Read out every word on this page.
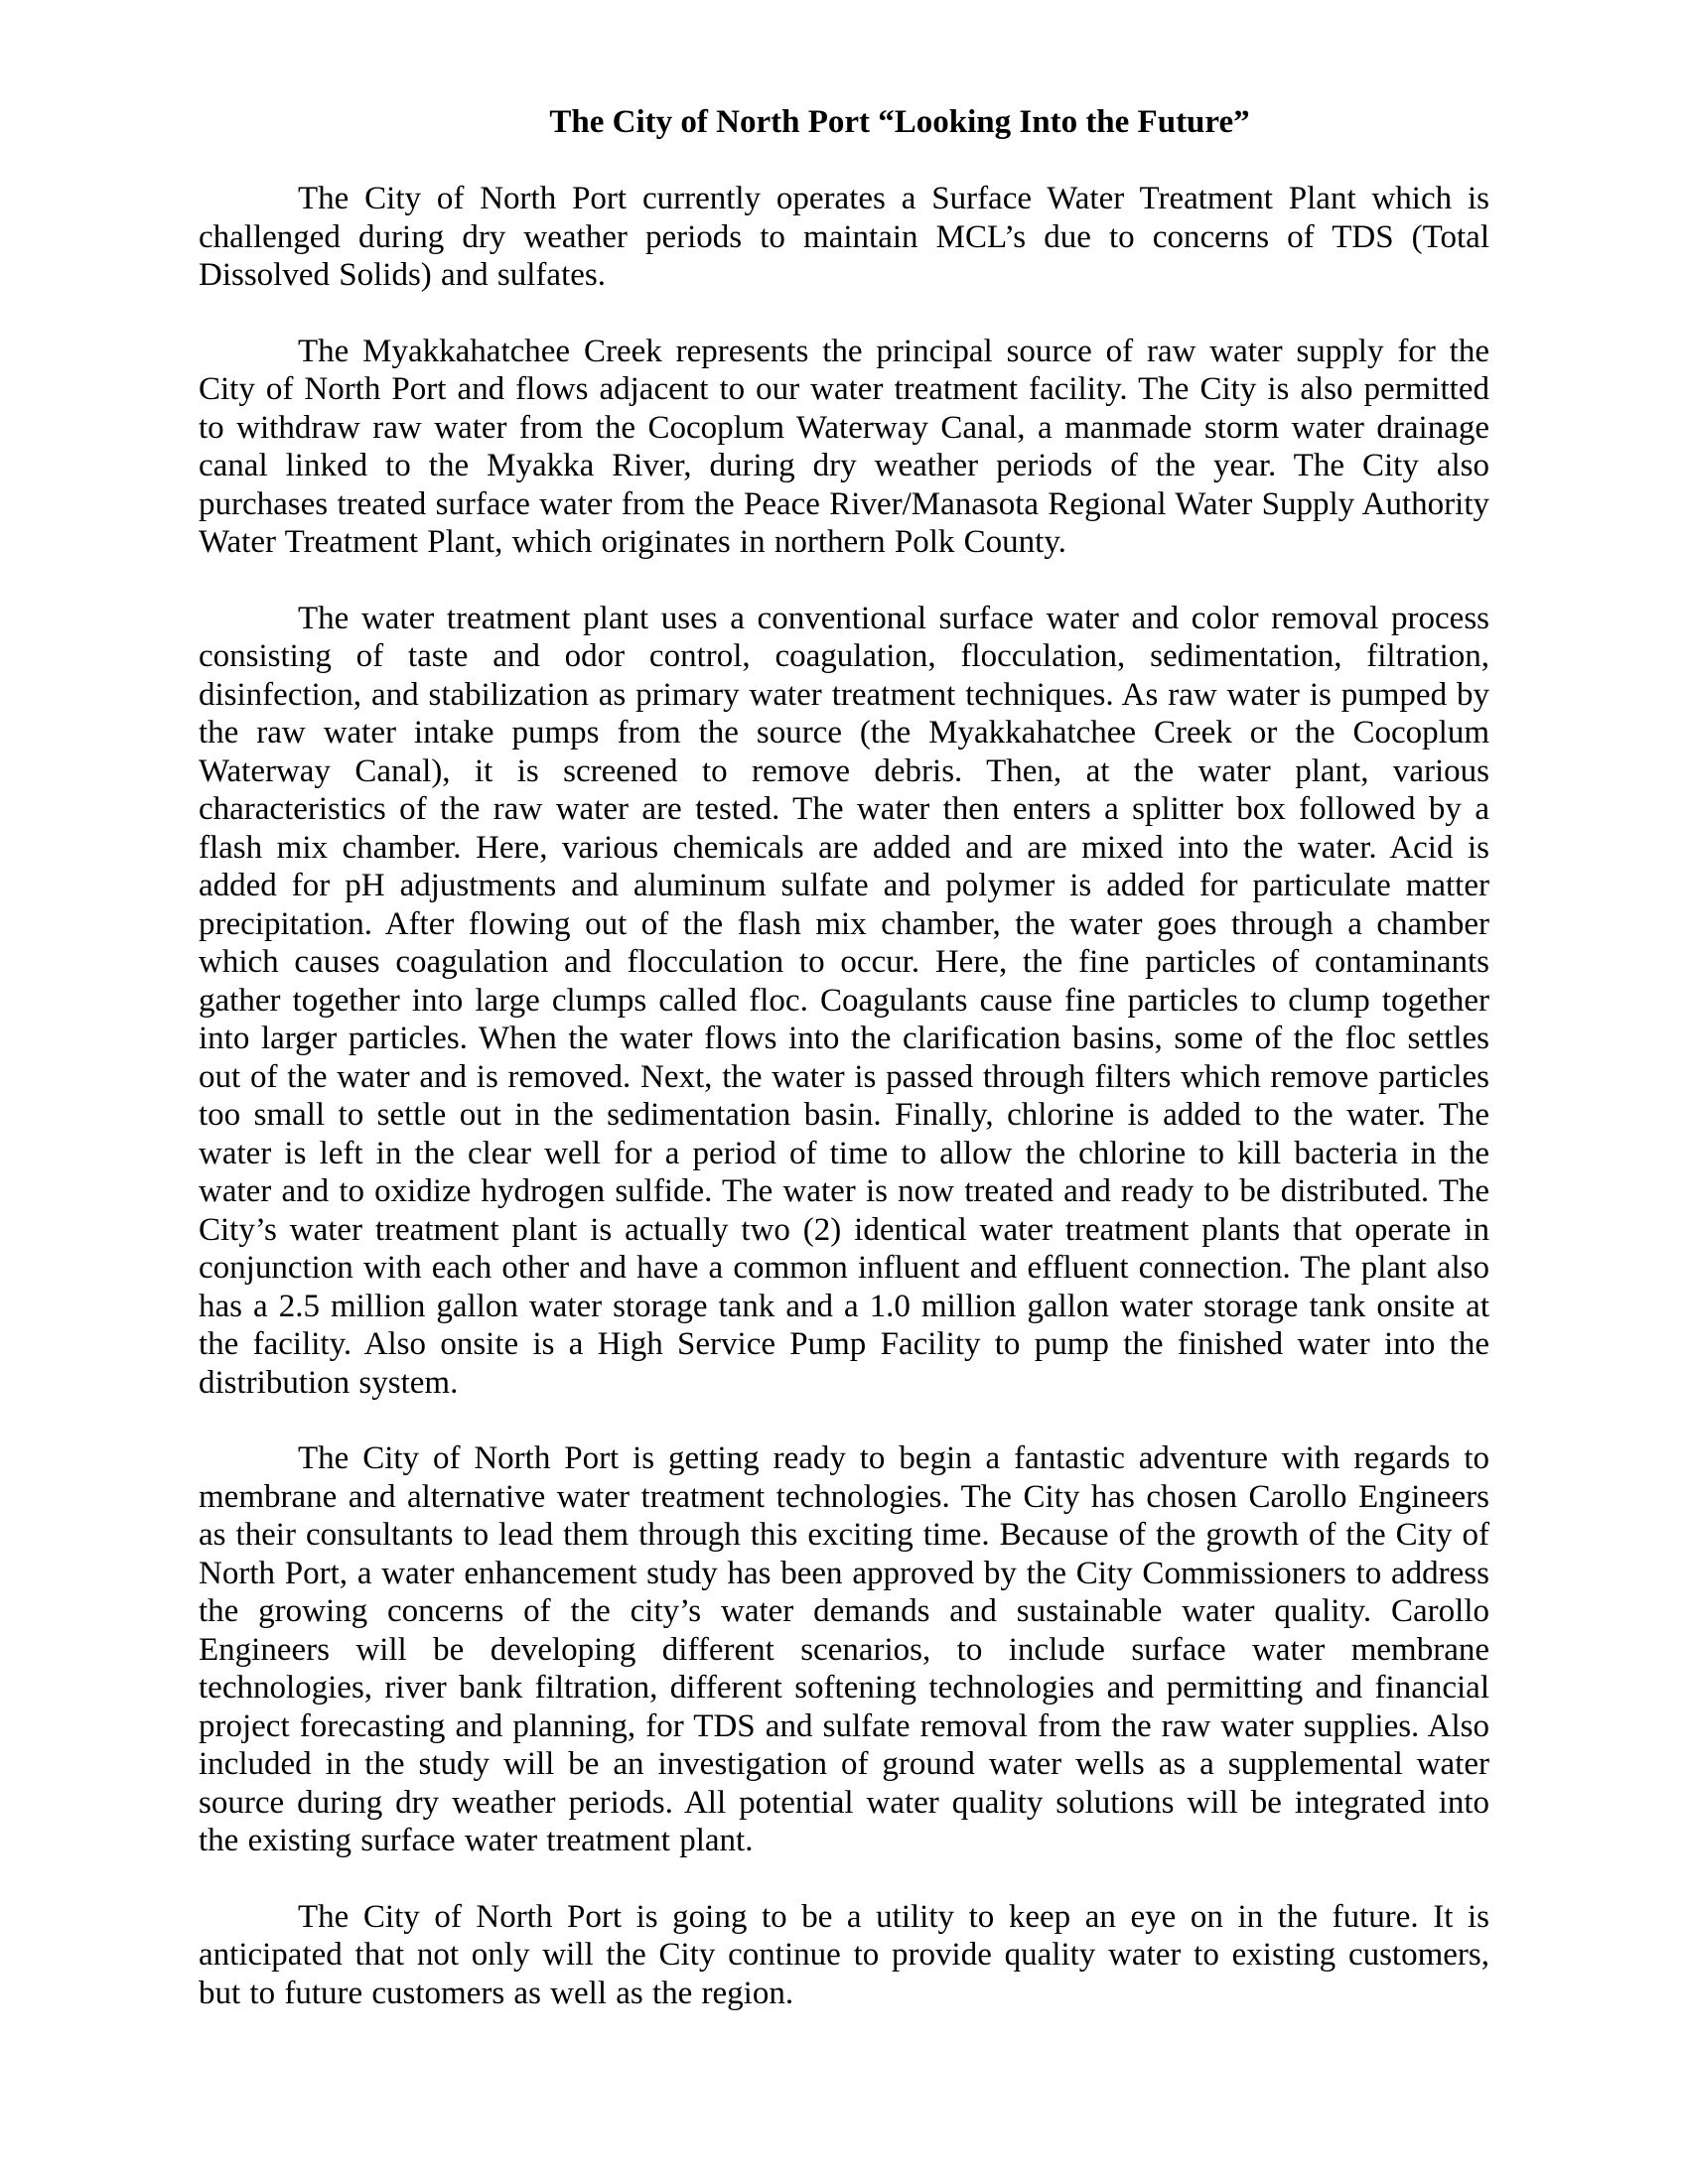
The City of North Port “Looking Into the Future”

The City of North Port currently operates a Surface Water Treatment Plant which is challenged during dry weather periods to maintain MCL’s due to concerns of TDS (Total Dissolved Solids) and sulfates.

The Myakkahatchee Creek represents the principal source of raw water supply for the City of North Port and flows adjacent to our water treatment facility. The City is also permitted to withdraw raw water from the Cocoplum Waterway Canal, a manmade storm water drainage canal linked to the Myakka River, during dry weather periods of the year. The City also purchases treated surface water from the Peace River/Manasota Regional Water Supply Authority Water Treatment Plant, which originates in northern Polk County.

The water treatment plant uses a conventional surface water and color removal process consisting of taste and odor control, coagulation, flocculation, sedimentation, filtration, disinfection, and stabilization as primary water treatment techniques. As raw water is pumped by the raw water intake pumps from the source (the Myakkahatchee Creek or the Cocoplum Waterway Canal), it is screened to remove debris. Then, at the water plant, various characteristics of the raw water are tested. The water then enters a splitter box followed by a flash mix chamber. Here, various chemicals are added and are mixed into the water. Acid is added for pH adjustments and aluminum sulfate and polymer is added for particulate matter precipitation. After flowing out of the flash mix chamber, the water goes through a chamber which causes coagulation and flocculation to occur. Here, the fine particles of contaminants gather together into large clumps called floc. Coagulants cause fine particles to clump together into larger particles. When the water flows into the clarification basins, some of the floc settles out of the water and is removed. Next, the water is passed through filters which remove particles too small to settle out in the sedimentation basin. Finally, chlorine is added to the water. The water is left in the clear well for a period of time to allow the chlorine to kill bacteria in the water and to oxidize hydrogen sulfide. The water is now treated and ready to be distributed. The City’s water treatment plant is actually two (2) identical water treatment plants that operate in conjunction with each other and have a common influent and effluent connection. The plant also has a 2.5 million gallon water storage tank and a 1.0 million gallon water storage tank onsite at the facility. Also onsite is a High Service Pump Facility to pump the finished water into the distribution system.

The City of North Port is getting ready to begin a fantastic adventure with regards to membrane and alternative water treatment technologies. The City has chosen Carollo Engineers as their consultants to lead them through this exciting time. Because of the growth of the City of North Port, a water enhancement study has been approved by the City Commissioners to address the growing concerns of the city’s water demands and sustainable water quality. Carollo Engineers will be developing different scenarios, to include surface water membrane technologies, river bank filtration, different softening technologies and permitting and financial project forecasting and planning, for TDS and sulfate removal from the raw water supplies. Also included in the study will be an investigation of ground water wells as a supplemental water source during dry weather periods. All potential water quality solutions will be integrated into the existing surface water treatment plant.

The City of North Port is going to be a utility to keep an eye on in the future. It is anticipated that not only will the City continue to provide quality water to existing customers, but to future customers as well as the region.
